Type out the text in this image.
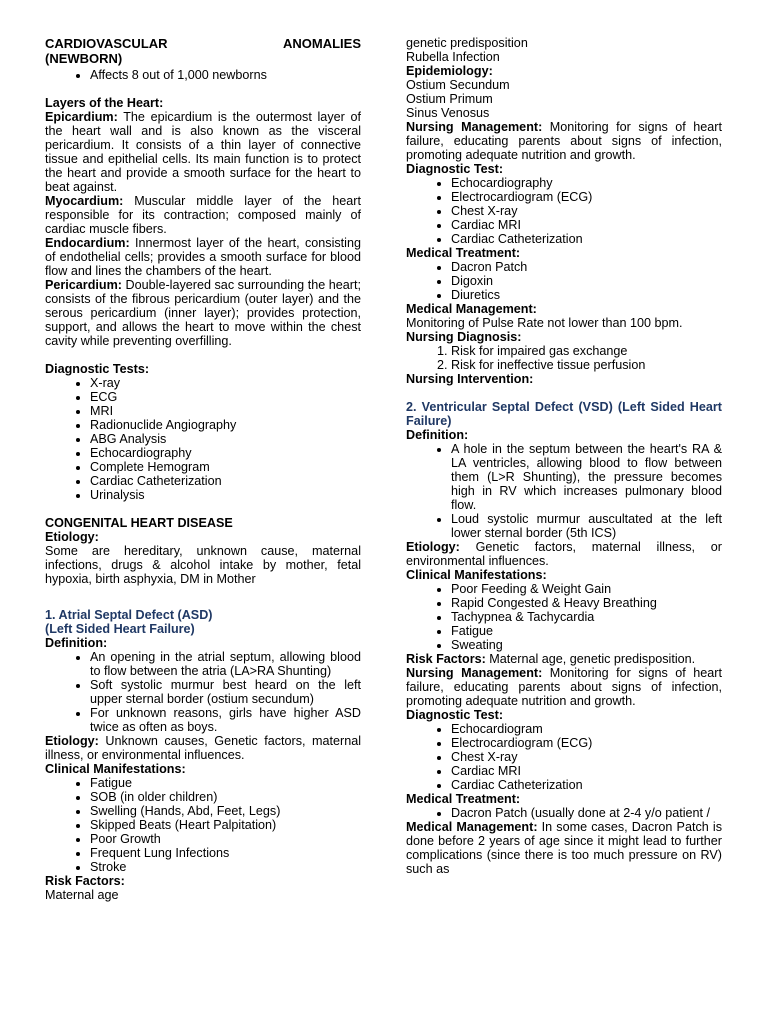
CARDIOVASCULAR ANOMALIES

(NEWBORN)

• Affects 8 out of 1,000 newborns

Layers of the Heart:

Epicardium: The epicardium is the outermost layer of the heart wall and is also known as the visceral pericardium. It consists of a thin layer of connective tissue and epithelial cells. Its main function is to protect the heart and provide a smooth surface for the heart to beat against.

Myocardium: Muscular middle layer of the heart responsible for its contraction; composed mainly of cardiac muscle fibers.

Endocardium: Innermost layer of the heart, consisting of endothelial cells; provides a smooth surface for blood flow and lines the chambers of the heart.

Pericardium: Double-layered sac surrounding the heart; consists of the fibrous pericardium (outer layer) and the serous pericardium (inner layer); provides protection, support, and allows the heart to move within the chest cavity while preventing overfilling.

Diagnostic Tests:

• X-ray
• ECG
• MRI
• Radionuclide Angiography
• ABG Analysis
• Echocardiography
• Complete Hemogram
• Cardiac Catheterization
• Urinalysis

CONGENITAL HEART DISEASE

Etiology:

Some are hereditary, unknown cause, maternal infections, drugs & alcohol intake by mother, fetal hypoxia, birth asphyxia, DM in Mother

1. Atrial Septal Defect (ASD)

(Left Sided Heart Failure)

Definition:

• An opening in the atrial septum, allowing blood to flow between the atria (LA>RA Shunting)
• Soft systolic murmur best heard on the left upper sternal border (ostium secundum)
• For unknown reasons, girls have higher ASD twice as often as boys.

Etiology: Unknown causes, Genetic factors, maternal illness, or environmental influences.

Clinical Manifestations:

• Fatigue
• SOB (in older children)
• Swelling (Hands, Abd, Feet, Legs)
• Skipped Beats (Heart Palpitation)
• Poor Growth
• Frequent Lung Infections
• Stroke

Risk Factors:

Maternal age

genetic predisposition

Rubella Infection

Epidemiology:

Ostium Secundum

Ostium Primum

Sinus Venosus

Nursing Management: Monitoring for signs of heart failure, educating parents about signs of infection, promoting adequate nutrition and growth.

Diagnostic Test:

• Echocardiography
• Electrocardiogram (ECG)
• Chest X-ray
• Cardiac MRI
• Cardiac Catheterization

Medical Treatment:

• Dacron Patch
• Digoxin
• Diuretics

Medical Management:

Monitoring of Pulse Rate not lower than 100 bpm.

Nursing Diagnosis:

1. Risk for impaired gas exchange
2. Risk for ineffective tissue perfusion

Nursing Intervention:

2. Ventricular Septal Defect (VSD) (Left Sided Heart Failure)

Definition:

• A hole in the septum between the heart's RA & LA ventricles, allowing blood to flow between them (L>R Shunting), the pressure becomes high in RV which increases pulmonary blood flow.
• Loud systolic murmur auscultated at the left lower sternal border (5th ICS)

Etiology: Genetic factors, maternal illness, or environmental influences.

Clinical Manifestations:

• Poor Feeding & Weight Gain
• Rapid Congested & Heavy Breathing
• Tachypnea & Tachycardia
• Fatigue
• Sweating

Risk Factors: Maternal age, genetic predisposition.

Nursing Management: Monitoring for signs of heart failure, educating parents about signs of infection, promoting adequate nutrition and growth.

Diagnostic Test:

• Echocardiogram
• Electrocardiogram (ECG)
• Chest X-ray
• Cardiac MRI
• Cardiac Catheterization

Medical Treatment:

• Dacron Patch (usually done at 2-4 y/o patient /

Medical Management: In some cases, Dacron Patch is done before 2 years of age since it might lead to further complications (since there is too much pressure on RV) such as
